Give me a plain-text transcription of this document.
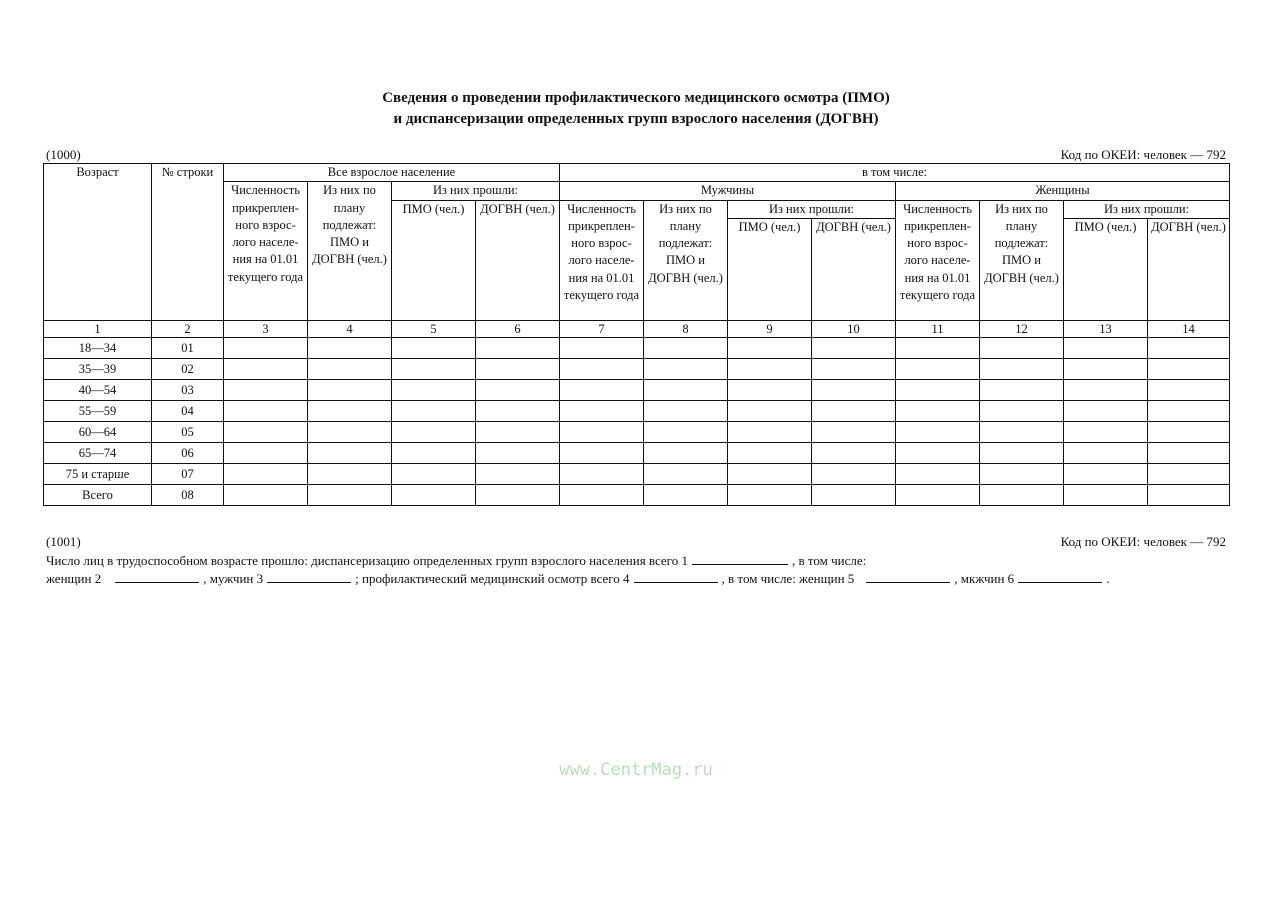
Сведения о проведении профилактического медицинского осмотра (ПМО)
и диспансеризации определенных групп взрослого населения (ДОГВН)
(1000)	Код по ОКЕИ: человек — 792
Возраст	№ строки	Все взрослое население				в том числе:							
		Численность прикреплен-ного взрос-лого населе-ния на 01.01 текущего года	Из них по плану подлежат: ПМО и ДОГВН (чел.)	Из них прошли:		Мужчины				Женщины			
				ПМО (чел.)	ДОГВН (чел.)	Численность прикреплен-ного взрос-лого населе-ния на 01.01 текущего года	Из них по плану подлежат: ПМО и ДОГВН (чел.)	Из них прошли:		Численность прикреплен-ного взрос-лого населе-ния на 01.01 текущего года	Из них по плану подлежат: ПМО и ДОГВН (чел.)	Из них прошли:	
								ПМО (чел.)	ДОГВН (чел.)			ПМО (чел.)	ДОГВН (чел.)
1	2	3	4	5	6	7	8	9	10	11	12	13	14
18—34	01												
35—39	02												
40—54	03												
55—59	04												
60—64	05												
65—74	06												
75 и старше	07												
Всего	08												
(1001)	Код по ОКЕИ: человек — 792
Число лиц в трудоспособном возрасте прошло: диспансеризацию определенных групп взрослого населения всего 1	, в том числе:
женщин 2	, мужчин 3	; профилактический медицинский осмотр всего 4	, в том числе: женщин 5	, мкжчин 6	.
www.CentrMag.ru
